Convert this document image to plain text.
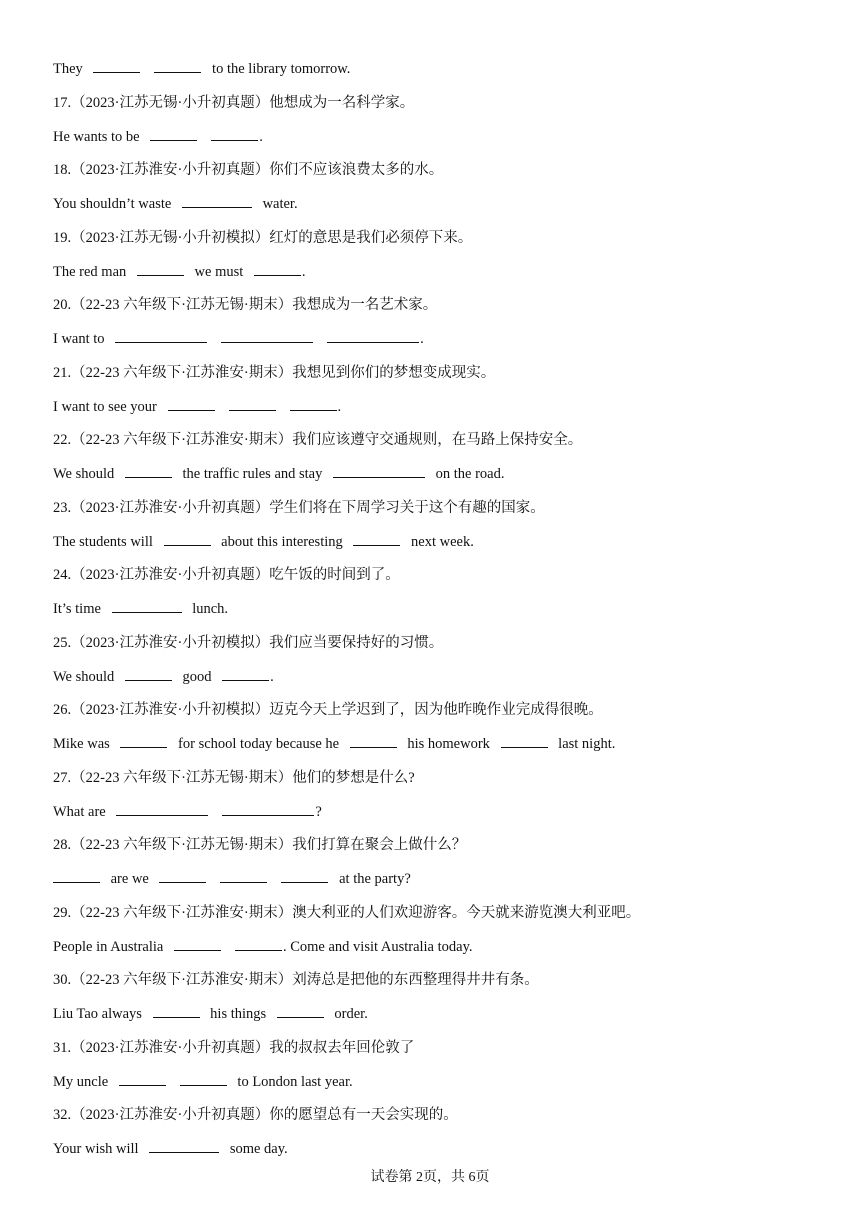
They	to the library tomorrow.
17.（2023·江苏无锡·小升初真题）他想成为一名科学家。
He wants to be	.
18.（2023·江苏淮安·小升初真题）你们不应该浪费太多的水。
You shouldn’t waste	water.
19.（2023·江苏无锡·小升初模拟）红灯的意思是我们必须停下来。
The red man	we must	.
20.（22-23 六年级下·江苏无锡·期末）我想成为一名艺术家。
I want to	.
21.（22-23 六年级下·江苏淮安·期末）我想见到你们的梦想变成现实。
I want to see your	.
22.（22-23 六年级下·江苏淮安·期末）我们应该遵守交通规则，在马路上保持安全。
We should	the traffic rules and stay	on the road.
23.（2023·江苏淮安·小升初真题）学生们将在下周学习关于这个有趣的国家。
The students will	about this interesting	next week.
24.（2023·江苏淮安·小升初真题）吃午饭的时间到了。
It’s time	lunch.
25.（2023·江苏淮安·小升初模拟）我们应当要保持好的习惯。
We should	good	.
26.（2023·江苏淮安·小升初模拟）迈克今天上学迟到了，因为他昨晚作业完成得很晚。
Mike was	for school today because he	his homework	last night.
27.（22-23 六年级下·江苏无锡·期末）他们的梦想是什么?
What are	?
28.（22-23 六年级下·江苏无锡·期末）我们打算在聚会上做什么？
are we	at the party?
29.（22-23 六年级下·江苏淮安·期末）澳大利亚的人们欢迎游客。今天就来游览澳大利亚吧。
People in Australia	. Come and visit Australia today.
30.（22-23 六年级下·江苏淮安·期末）刘涛总是把他的东西整理得井井有条。
Liu Tao always	his things	order.
31.（2023·江苏淮安·小升初真题）我的叔叔去年回伦敦了
My uncle	to London last year.
32.（2023·江苏淮安·小升初真题）你的愿望总有一天会实现的。
Your wish will	some day.
试卷第 2页，共 6页
